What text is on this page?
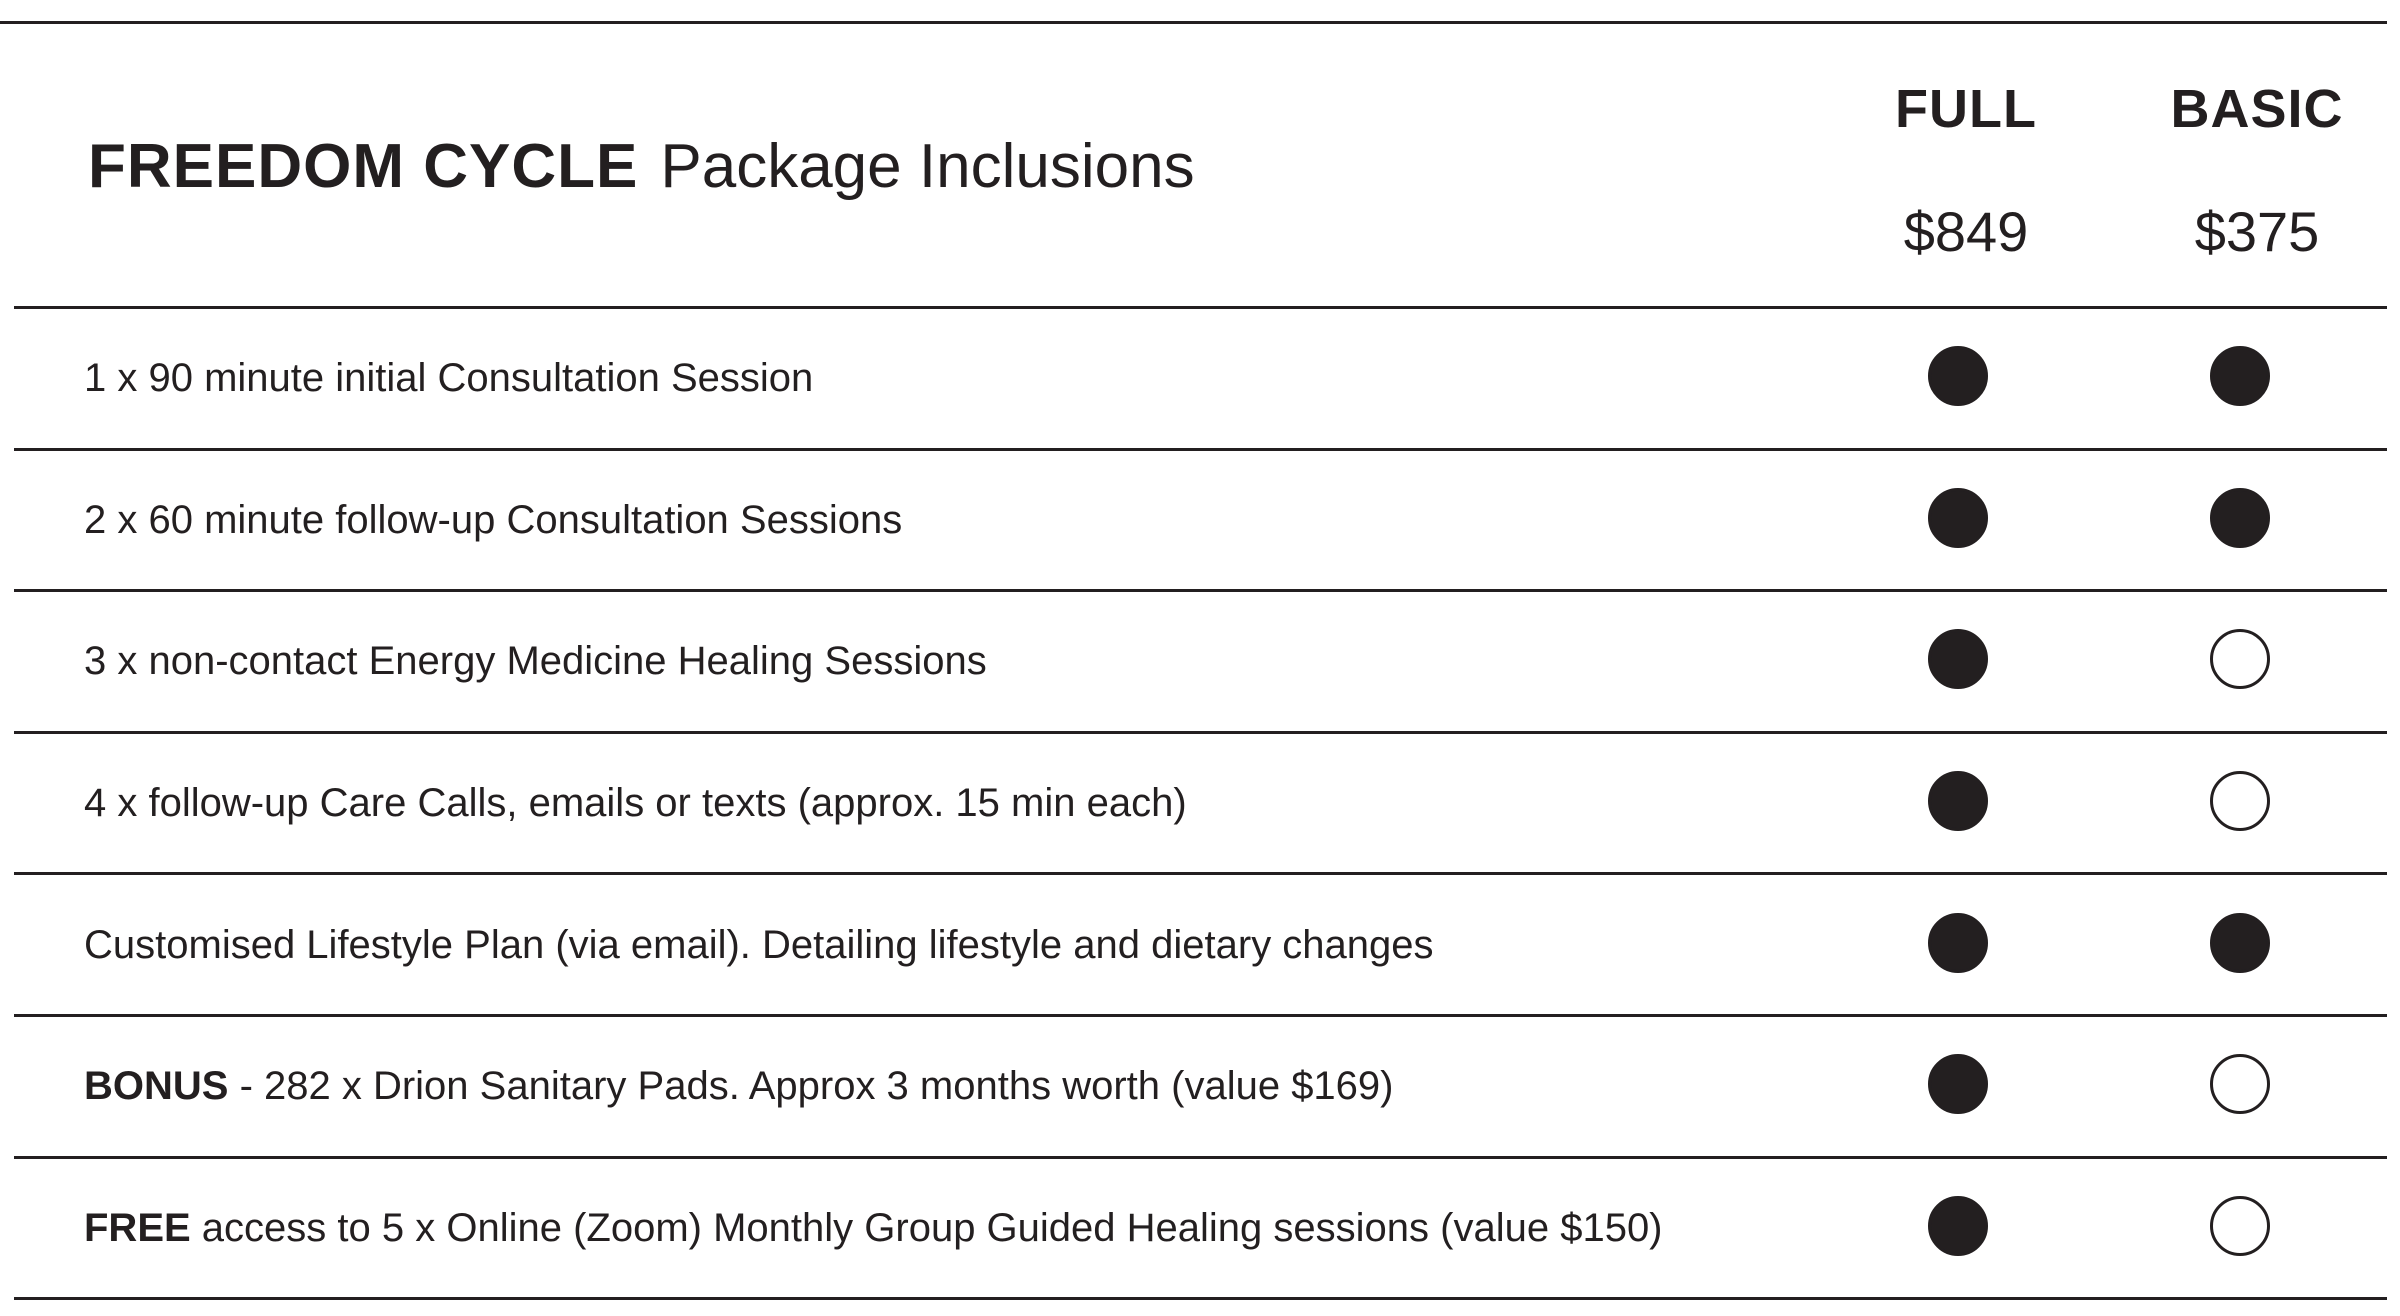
FREEDOM CYCLE Package Inclusions
FULL
$849
BASIC
$375
1 x 90 minute initial Consultation Session
2 x 60 minute follow-up Consultation Sessions
3 x non-contact Energy Medicine Healing Sessions
4 x follow-up Care Calls, emails or texts (approx. 15 min each)
Customised Lifestyle Plan (via email). Detailing lifestyle and dietary changes
BONUS - 282 x Drion Sanitary Pads. Approx 3 months worth (value $169)
FREE access to 5 x Online (Zoom) Monthly Group Guided Healing sessions (value $150)
